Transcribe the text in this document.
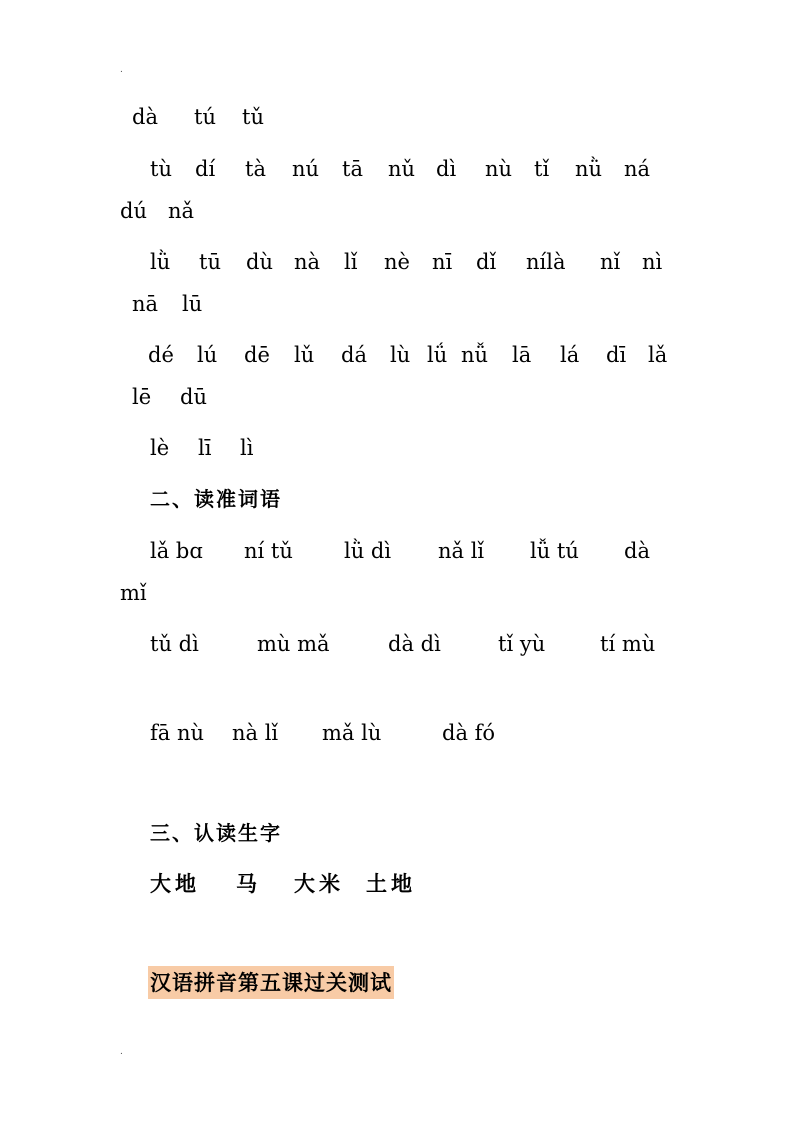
.
dà tú tǔ
tù dí tà nú tā nǔ dì nù tǐ nǜ ná
dú nǎ
lǜ tū dù nà lǐ nè nī dǐ nílà nǐ nì
nā lū
dé lú dē lǔ dá lù lǘ nǚ lā lá dī lǎ
lē dū
lè lī lì
二、读准词语
lǎ bɑ ní tǔ lǜ dì nǎ lǐ lǚ tú dà
mǐ
tǔ dì	mù mǎ	dà dì	tǐ yù	tí mù
fā nù nà lǐ mǎ lù	dà fó
三、认读生字
大地 马 大米 土地
汉语拼音第五课过关测试
.
